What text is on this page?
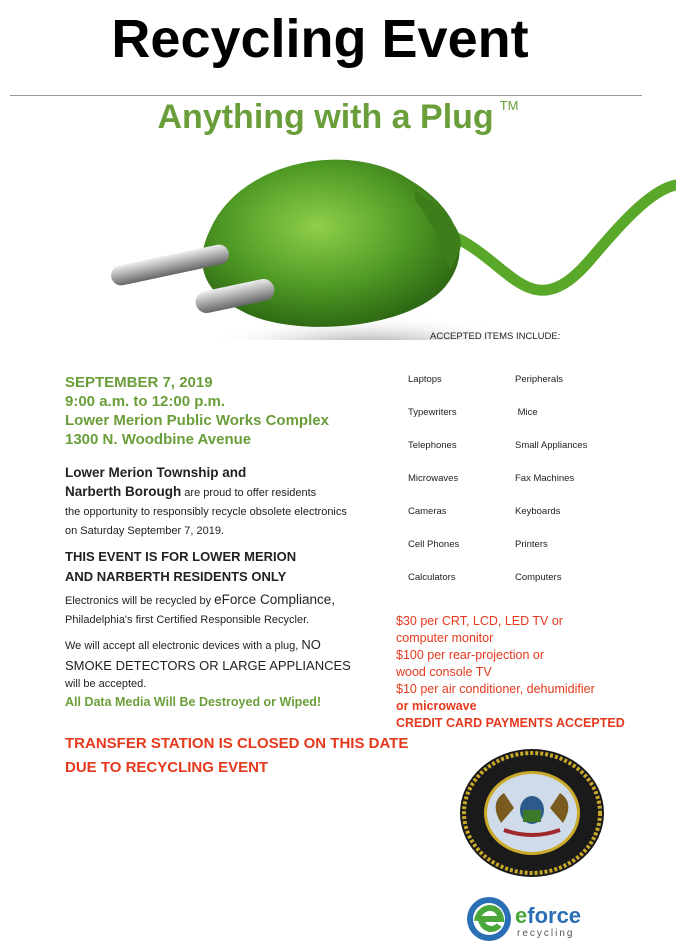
Recycling Event
Anything with a Plug ™
SEPTEMBER 7, 2019
9:00 a.m. to 12:00 p.m.
Lower Merion Public Works Complex
1300 N. Woodbine Avenue
Lower Merion Township and
Narberth Borough are proud to offer residents
the opportunity to responsibly recycle obsolete electronics
on Saturday September 7, 2019.
THIS EVENT IS FOR LOWER MERION
AND NARBERTH RESIDENTS ONLY
Electronics will be recycled by eForce Compliance,
Philadelphia's first Certified Responsible Recycler.
We will accept all electronic devices with a plug, NO
SMOKE DETECTORS OR LARGE APPLIANCES
will be accepted.
All Data Media Will Be Destroyed or Wiped!
TRANSFER STATION IS CLOSED ON THIS DATE
DUE TO RECYCLING EVENT
ACCEPTED ITEMS INCLUDE:

Laptops

Typewriters

Telephones

Microwaves

Cameras

Cell Phones

Calculators

Peripherals

Mice

Small Appliances

Fax Machines

Keyboards

Printers

Computers

$30 per CRT, LCD, LED TV or
computer monitor
$100 per rear-projection or
wood console TV
$10 per air conditioner, dehumidifier
or microwave
CREDIT CARD PAYMENTS ACCEPTED
eforce
recycling
